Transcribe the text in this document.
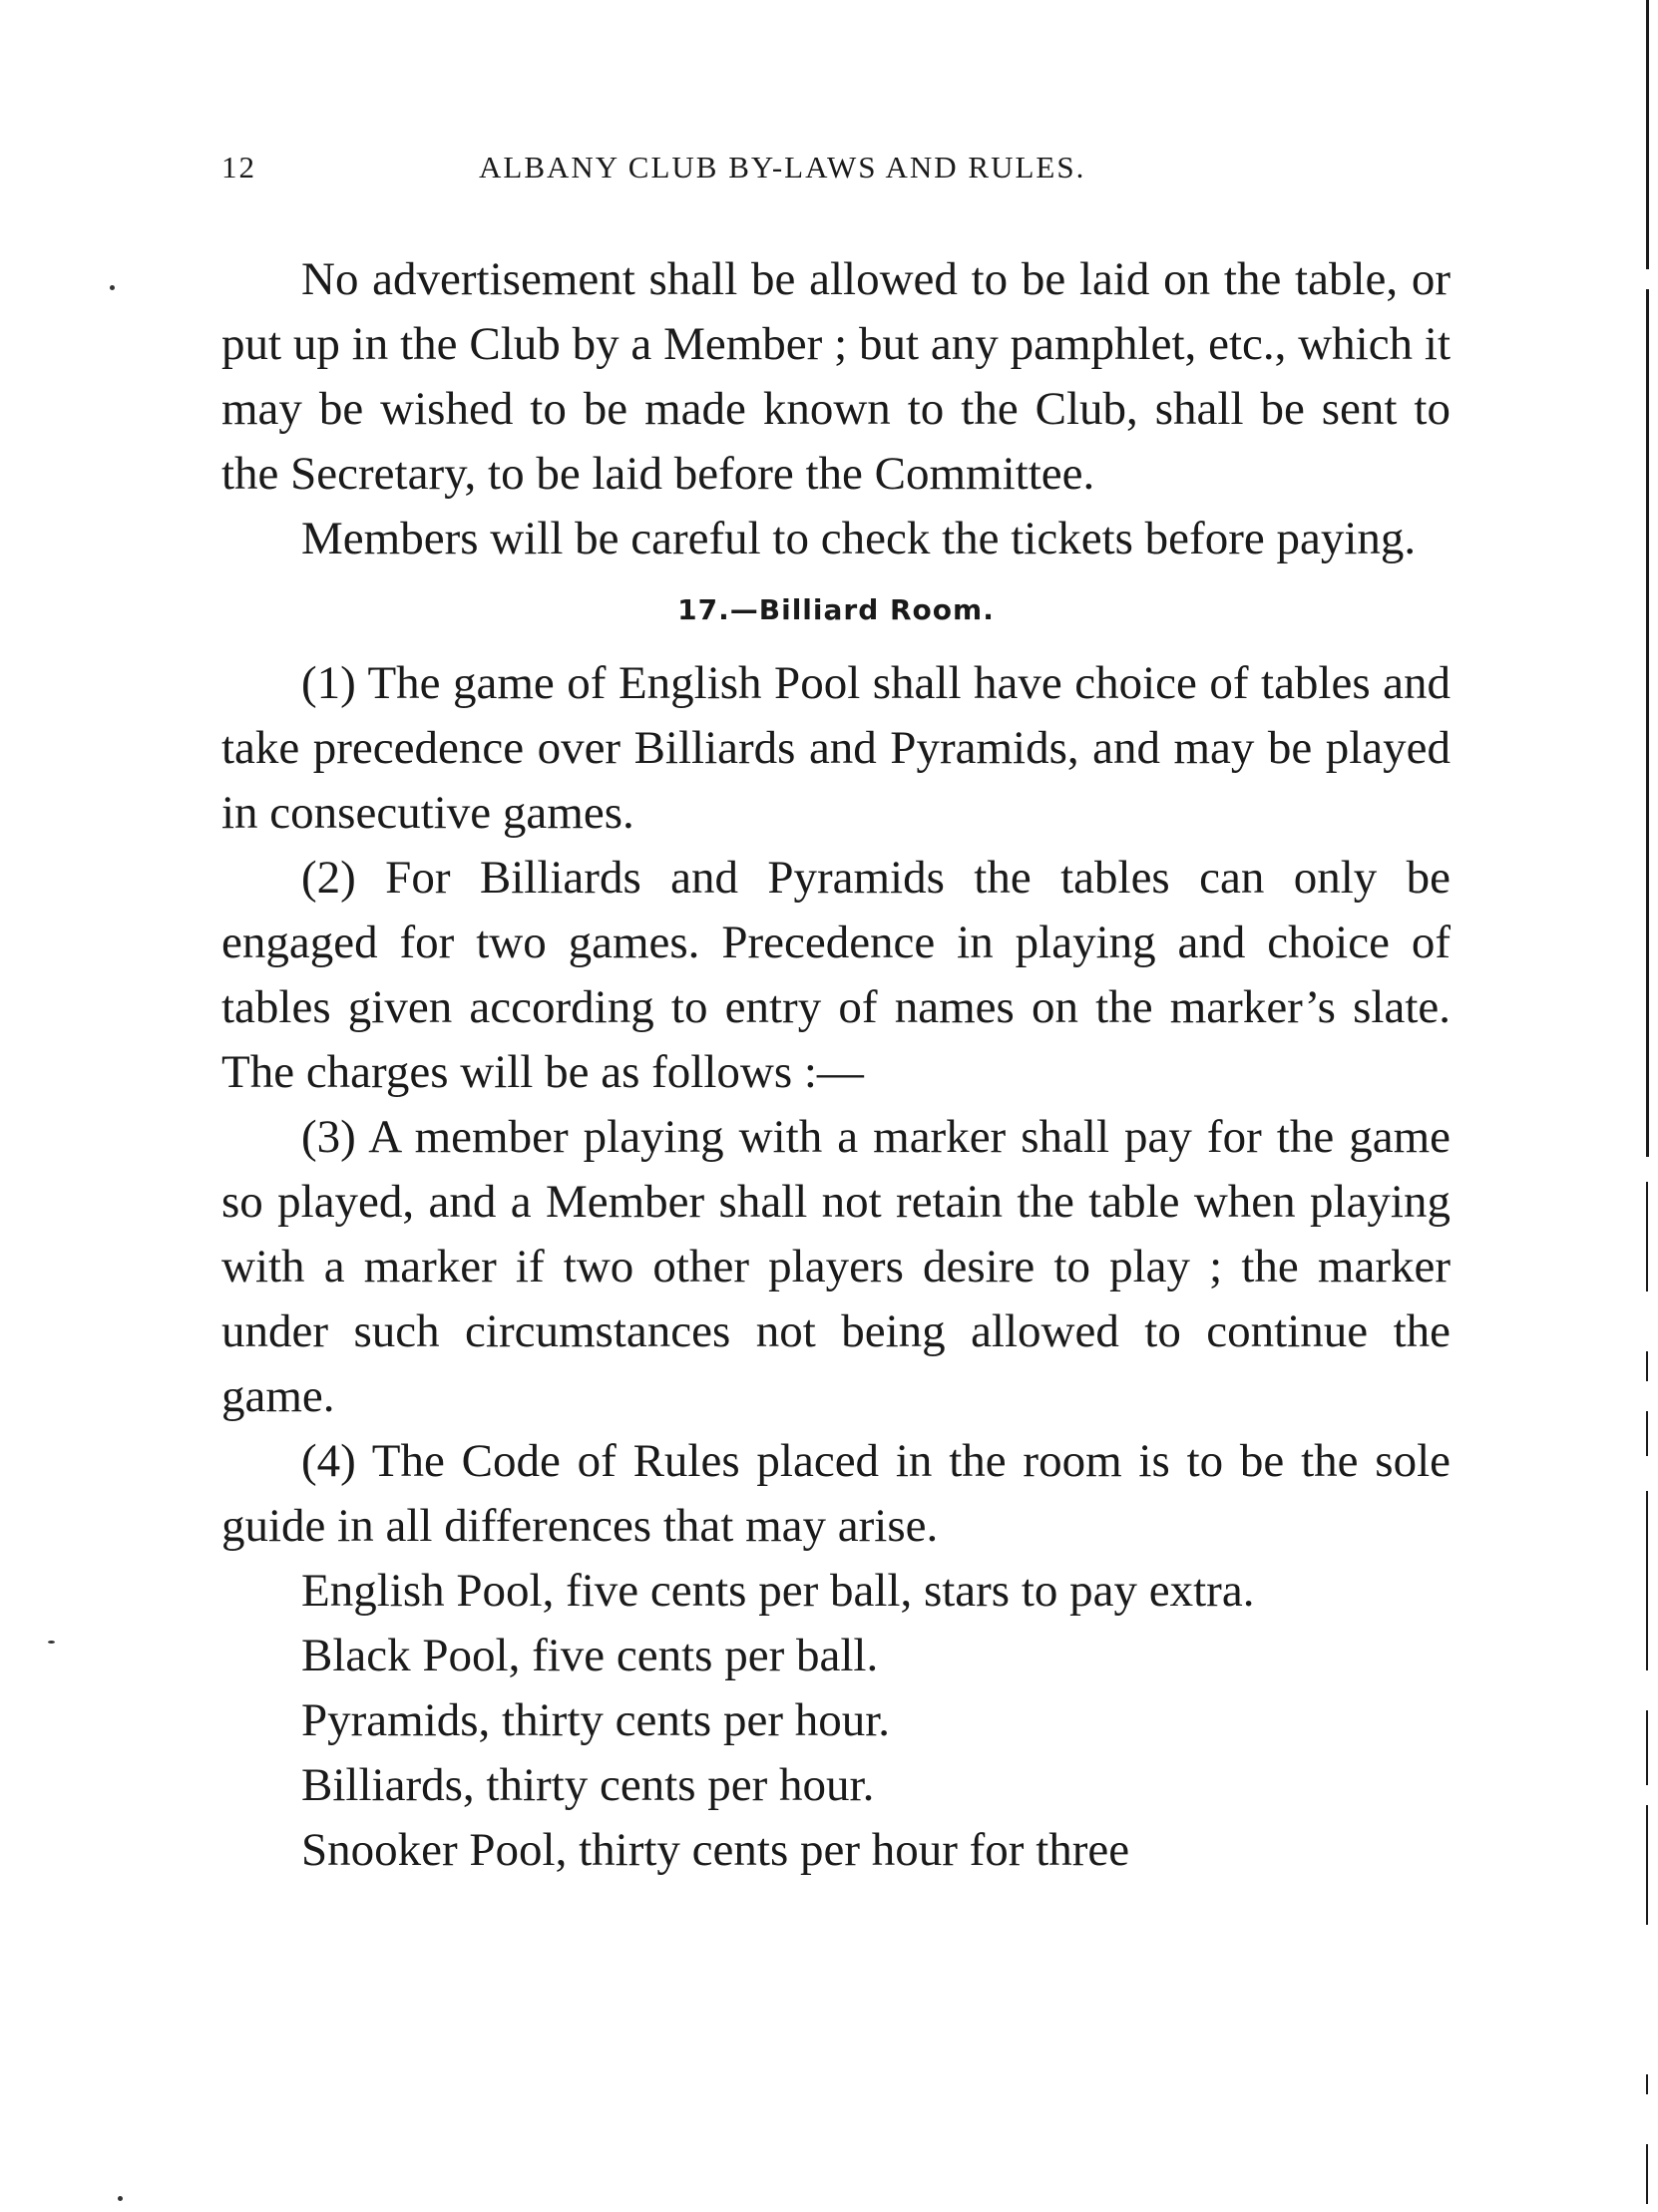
12	ALBANY CLUB BY-LAWS AND RULES.

No advertisement shall be allowed to be laid on the table, or put up in the Club by a Member ; but any pamphlet, etc., which it may be wished to be made known to the Club, shall be sent to the Secretary, to be laid before the Committee.

Members will be careful to check the tickets before paying.

17.—Billiard Room.

(1) The game of English Pool shall have choice of tables and take precedence over Billiards and Pyramids, and may be played in consecutive games.

(2) For Billiards and Pyramids the tables can only be engaged for two games. Precedence in playing and choice of tables given according to entry of names on the marker’s slate. The charges will be as follows :—

(3) A member playing with a marker shall pay for the game so played, and a Member shall not retain the table when playing with a marker if two other players desire to play ; the marker under such circumstances not being allowed to continue the game.

(4) The Code of Rules placed in the room is to be the sole guide in all differences that may arise.

English Pool, five cents per ball, stars to pay extra.

Black Pool, five cents per ball.

Pyramids, thirty cents per hour.

Billiards, thirty cents per hour.

Snooker Pool, thirty cents per hour for three
